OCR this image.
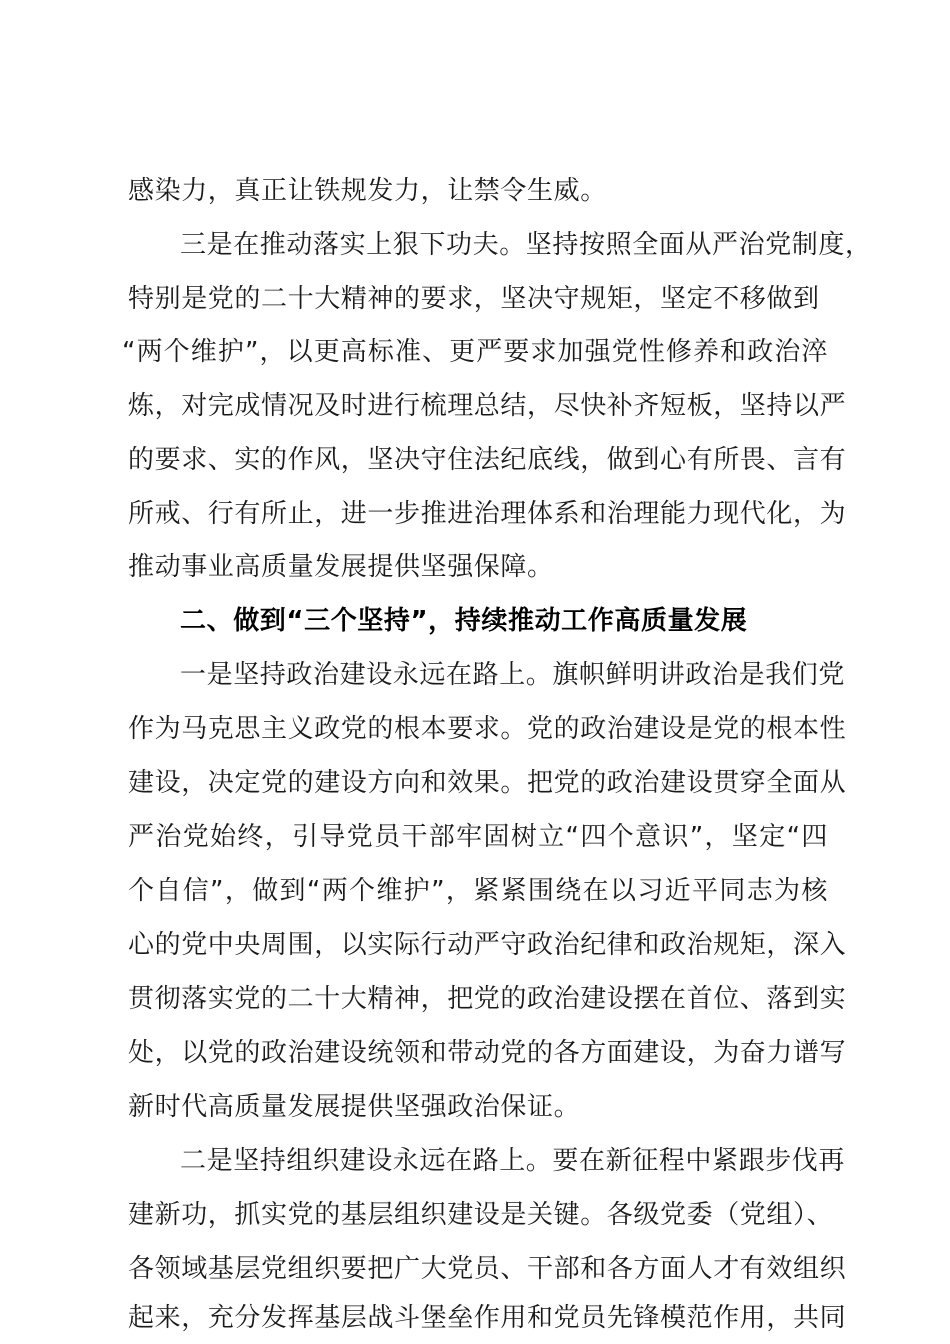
感染力，真正让铁规发力，让禁令生威。
三是在推动落实上狠下功夫。坚持按照全面从严治党制度，
特别是党的二十大精神的要求，坚决守规矩，坚定不移做到
“两个维护”，以更高标准、更严要求加强党性修养和政治淬
炼，对完成情况及时进行梳理总结，尽快补齐短板，坚持以严
的要求、实的作风，坚决守住法纪底线，做到心有所畏、言有
所戒、行有所止，进一步推进治理体系和治理能力现代化，为
推动事业高质量发展提供坚强保障。
二、做到“三个坚持”，持续推动工作高质量发展
一是坚持政治建设永远在路上。旗帜鲜明讲政治是我们党
作为马克思主义政党的根本要求。党的政治建设是党的根本性
建设，决定党的建设方向和效果。把党的政治建设贯穿全面从
严治党始终，引导党员干部牢固树立“四个意识”，坚定“四
个自信”，做到“两个维护”，紧紧围绕在以习近平同志为核
心的党中央周围，以实际行动严守政治纪律和政治规矩，深入
贯彻落实党的二十大精神，把党的政治建设摆在首位、落到实
处，以党的政治建设统领和带动党的各方面建设，为奋力谱写
新时代高质量发展提供坚强政治保证。
二是坚持组织建设永远在路上。要在新征程中紧跟步伐再
建新功，抓实党的基层组织建设是关键。各级党委（党组）、
各领域基层党组织要把广大党员、干部和各方面人才有效组织
起来，充分发挥基层战斗堡垒作用和党员先锋模范作用，共同
